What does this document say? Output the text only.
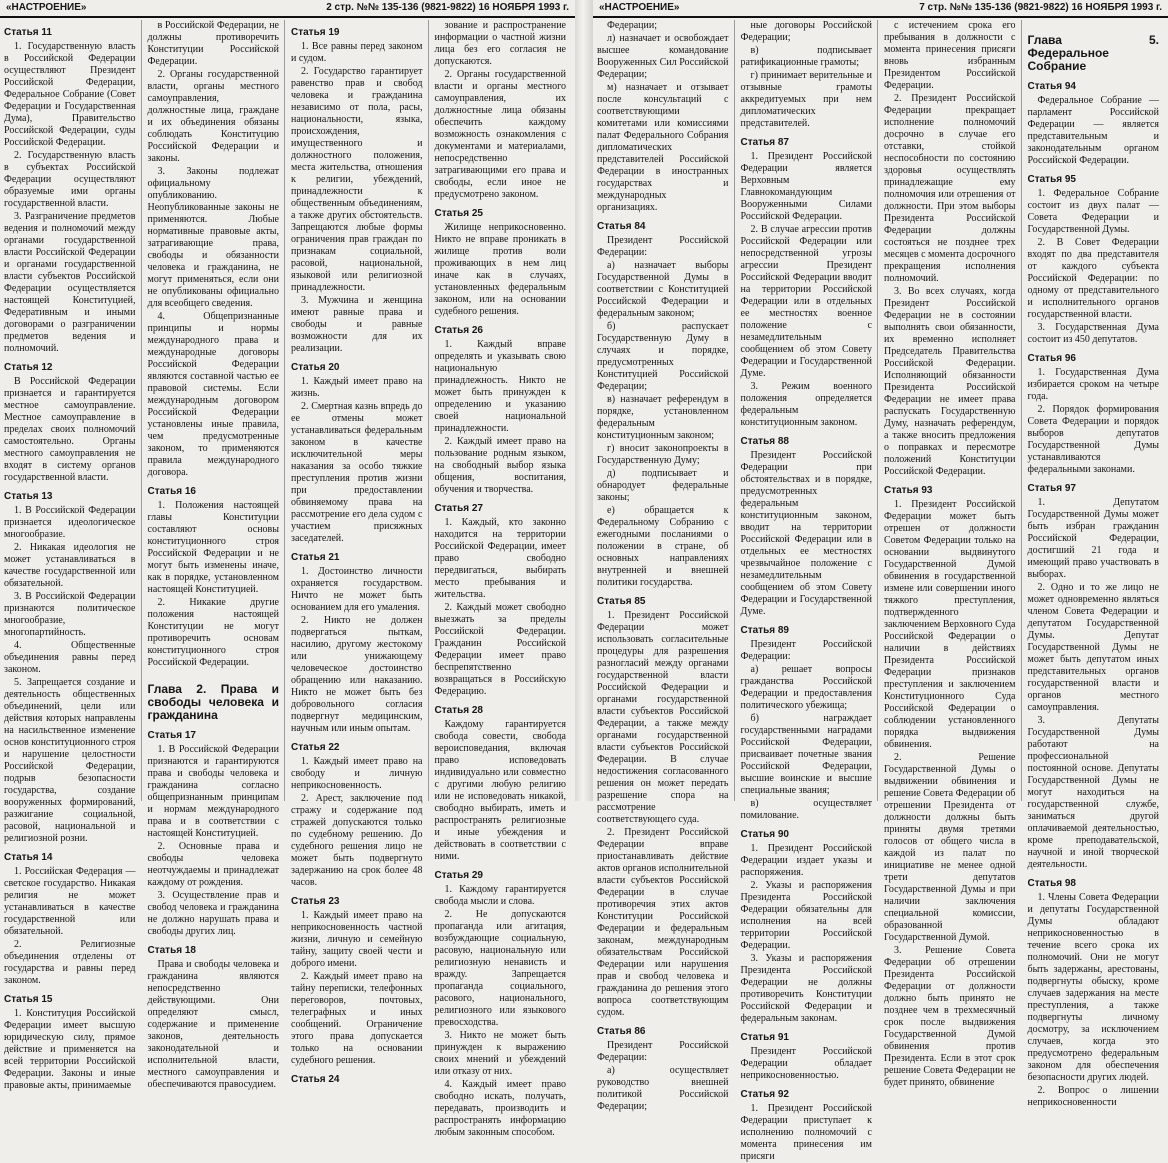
«НАСТРОЕНИЕ»	2 стр. №№ 135-136 (9821-9822) 16 НОЯБРЯ 1993 г.
Статья 11
1. Государственную власть в Российской Федерации осуществляют Президент Российской Федерации, Федеральное Собрание (Совет Федерации и Государственная Дума), Правительство Российской Федерации, суды Российской Федерации.
2. Государственную власть в субъектах Российской Федерации осуществляют образуемые ими органы государственной власти.
3. Разграничение предметов ведения и полномочий между органами государственной власти Российской Федерации и органами государственной власти субъектов Российской Федерации осуществляется настоящей Конституцией, Федеративным и иными договорами о разграничении предметов ведения и полномочий.
Статья 12
В Российской Федерации признается и гарантируется местное самоуправление. Местное самоуправление в пределах своих полномочий самостоятельно. Органы местного самоуправления не входят в систему органов государственной власти.
Статья 13
1. В Российской Федерации признается идеологическое многообразие.
2. Никакая идеология не может устанавливаться в качестве государственной или обязательной.
3. В Российской Федерации признаются политическое многообразие, многопартийность.
4. Общественные объединения равны перед законом.
5. Запрещается создание и деятельность общественных объединений, цели или действия которых направлены на насильственное изменение основ конституционного строя и нарушение целостности Российской Федерации, подрыв безопасности государства, создание вооруженных формирований, разжигание социальной, расовой, национальной и религиозной розни.
Статья 14
1. Российская Федерация — светское государство. Никакая религия не может устанавливаться в качестве государственной или обязательной.
2. Религиозные объединения отделены от государства и равны перед законом.
Статья 15
1. Конституция Российской Федерации имеет высшую юридическую силу, прямое действие и применяется на всей территории Российской Федерации. Законы и иные правовые акты, принимаемые
в Российской Федерации, не должны противоречить Конституции Российской Федерации.
2. Органы государственной власти, органы местного самоуправления, должностные лица, граждане и их объединения обязаны соблюдать Конституцию Российской Федерации и законы.
3. Законы подлежат официальному опубликованию. Неопубликованные законы не применяются. Любые нормативные правовые акты, затрагивающие права, свободы и обязанности человека и гражданина, не могут применяться, если они не опубликованы официально для всеобщего сведения.
4. Общепризнанные принципы и нормы международного права и международные договоры Российской Федерации являются составной частью ее правовой системы. Если международным договором Российской Федерации установлены иные правила, чем предусмотренные законом, то применяются правила международного договора.
Статья 16
1. Положения настоящей главы Конституции составляют основы конституционного строя Российской Федерации и не могут быть изменены иначе, как в порядке, установленном настоящей Конституцией.
2. Никакие другие положения настоящей Конституции не могут противоречить основам конституционного строя Российской Федерации.
Глава 2. Права и свободы человека и гражданина
Статья 17
1. В Российской Федерации признаются и гарантируются права и свободы человека и гражданина согласно общепризнанным принципам и нормам международного права и в соответствии с настоящей Конституцией.
2. Основные права и свободы человека неотчуждаемы и принадлежат каждому от рождения.
3. Осуществление прав и свобод человека и гражданина не должно нарушать права и свободы других лиц.
Статья 18
Права и свободы человека и гражданина являются непосредственно действующими. Они определяют смысл, содержание и применение законов, деятельность законодательной и исполнительной власти, местного самоуправления и обеспечиваются правосудием.
Статья 19
1. Все равны перед законом и судом.
2. Государство гарантирует равенство прав и свобод человека и гражданина независимо от пола, расы, национальности, языка, происхождения, имущественного и должностного положения, места жительства, отношения к религии, убеждений, принадлежности к общественным объединениям, а также других обстоятельств. Запрещаются любые формы ограничения прав граждан по признакам социальной, расовой, национальной, языковой или религиозной принадлежности.
3. Мужчина и женщина имеют равные права и свободы и равные возможности для их реализации.
Статья 20
1. Каждый имеет право на жизнь.
2. Смертная казнь впредь до ее отмены может устанавливаться федеральным законом в качестве исключительной меры наказания за особо тяжкие преступления против жизни при предоставлении обвиняемому права на рассмотрение его дела судом с участием присяжных заседателей.
Статья 21
1. Достоинство личности охраняется государством. Ничто не может быть основанием для его умаления.
2. Никто не должен подвергаться пыткам, насилию, другому жестокому или унижающему человеческое достоинство обращению или наказанию. Никто не может быть без добровольного согласия подвергнут медицинским, научным или иным опытам.
Статья 22
1. Каждый имеет право на свободу и личную неприкосновенность.
2. Арест, заключение под стражу и содержание под стражей допускаются только по судебному решению. До судебного решения лицо не может быть подвергнуто задержанию на срок более 48 часов.
Статья 23
1. Каждый имеет право на неприкосновенность частной жизни, личную и семейную тайну, защиту своей чести и доброго имени.
2. Каждый имеет право на тайну переписки, телефонных переговоров, почтовых, телеграфных и иных сообщений. Ограничение этого права допускается только на основании судебного решения.
Статья 24
зование и распространение информации о частной жизни лица без его согласия не допускаются.
2. Органы государственной власти и органы местного самоуправления, их должностные лица обязаны обеспечить каждому возможность ознакомления с документами и материалами, непосредственно затрагивающими его права и свободы, если иное не предусмотрено законом.
Статья 25
Жилище неприкосновенно. Никто не вправе проникать в жилище против воли проживающих в нем лиц иначе как в случаях, установленных федеральным законом, или на основании судебного решения.
Статья 26
1. Каждый вправе определять и указывать свою национальную принадлежность. Никто не может быть принужден к определению и указанию своей национальной принадлежности.
2. Каждый имеет право на пользование родным языком, на свободный выбор языка общения, воспитания, обучения и творчества.
Статья 27
1. Каждый, кто законно находится на территории Российской Федерации, имеет право свободно передвигаться, выбирать место пребывания и жительства.
2. Каждый может свободно выезжать за пределы Российской Федерации. Гражданин Российской Федерации имеет право беспрепятственно возвращаться в Российскую Федерацию.
Статья 28
Каждому гарантируется свобода совести, свобода вероисповедания, включая право исповедовать индивидуально или совместно с другими любую религию или не исповедовать никакой, свободно выбирать, иметь и распространять религиозные и иные убеждения и действовать в соответствии с ними.
Статья 29
1. Каждому гарантируется свобода мысли и слова.
2. Не допускаются пропаганда или агитация, возбуждающие социальную, расовую, национальную или религиозную ненависть и вражду. Запрещается пропаганда социального, расового, национального, религиозного или языкового превосходства.
3. Никто не может быть принужден к выражению своих мнений и убеждений или отказу от них.
4. Каждый имеет право свободно искать, получать, передавать, производить и распространять информацию любым законным способом.
«НАСТРОЕНИЕ»	7 стр. №№ 135-136 (9821-9822) 16 НОЯБРЯ 1993 г.
Федерации;
л) назначает и освобождает высшее командование Вооруженных Сил Российской Федерации;
м) назначает и отзывает после консультаций с соответствующими комитетами или комиссиями палат Федерального Собрания дипломатических представителей Российской Федерации в иностранных государствах и международных организациях.
Статья 84
Президент Российской Федерации:
а) назначает выборы Государственной Думы в соответствии с Конституцией Российской Федерации и федеральным законом;
б) распускает Государственную Думу в случаях и порядке, предусмотренных Конституцией Российской Федерации;
в) назначает референдум в порядке, установленном федеральным конституционным законом;
г) вносит законопроекты в Государственную Думу;
д) подписывает и обнародует федеральные законы;
е) обращается к Федеральному Собранию с ежегодными посланиями о положении в стране, об основных направлениях внутренней и внешней политики государства.
Статья 85
1. Президент Российской Федерации может использовать согласительные процедуры для разрешения разногласий между органами государственной власти Российской Федерации и органами государственной власти субъектов Российской Федерации, а также между органами государственной власти субъектов Российской Федерации. В случае недостижения согласованного решения он может передать разрешение спора на рассмотрение соответствующего суда.
2. Президент Российской Федерации вправе приостанавливать действие актов органов исполнительной власти субъектов Российской Федерации в случае противоречия этих актов Конституции Российской Федерации и федеральным законам, международным обязательствам Российской Федерации или нарушения прав и свобод человека и гражданина до решения этого вопроса соответствующим судом.
Статья 86
Президент Российской Федерации:
а) осуществляет руководство внешней политикой Российской Федерации;
ные договоры Российской Федерации;
в) подписывает ратификационные грамоты;
г) принимает верительные и отзывные грамоты аккредитуемых при нем дипломатических представителей.
Статья 87
1. Президент Российской Федерации является Верховным Главнокомандующим Вооруженными Силами Российской Федерации.
2. В случае агрессии против Российской Федерации или непосредственной угрозы агрессии Президент Российской Федерации вводит на территории Российской Федерации или в отдельных ее местностях военное положение с незамедлительным сообщением об этом Совету Федерации и Государственной Думе.
3. Режим военного положения определяется федеральным конституционным законом.
Статья 88
Президент Российской Федерации при обстоятельствах и в порядке, предусмотренных федеральным конституционным законом, вводит на территории Российской Федерации или в отдельных ее местностях чрезвычайное положение с незамедлительным сообщением об этом Совету Федерации и Государственной Думе.
Статья 89
Президент Российской Федерации:
а) решает вопросы гражданства Российской Федерации и предоставления политического убежища;
б) награждает государственными наградами Российской Федерации, присваивает почетные звания Российской Федерации, высшие воинские и высшие специальные звания;
в) осуществляет помилование.
Статья 90
1. Президент Российской Федерации издает указы и распоряжения.
2. Указы и распоряжения Президента Российской Федерации обязательны для исполнения на всей территории Российской Федерации.
3. Указы и распоряжения Президента Российской Федерации не должны противоречить Конституции Российской Федерации и федеральным законам.
Статья 91
Президент Российской Федерации обладает неприкосновенностью.
Статья 92
1. Президент Российской Федерации приступает к исполнению полномочий с момента принесения им присяги
с истечением срока его пребывания в должности с момента принесения присяги вновь избранным Президентом Российской Федерации.
2. Президент Российской Федерации прекращает исполнение полномочий досрочно в случае его отставки, стойкой неспособности по состоянию здоровья осуществлять принадлежащие ему полномочия или отрешения от должности. При этом выборы Президента Российской Федерации должны состояться не позднее трех месяцев с момента досрочного прекращения исполнения полномочий.
3. Во всех случаях, когда Президент Российской Федерации не в состоянии выполнять свои обязанности, их временно исполняет Председатель Правительства Российской Федерации. Исполняющий обязанности Президента Российской Федерации не имеет права распускать Государственную Думу, назначать референдум, а также вносить предложения о поправках и пересмотре положений Конституции Российской Федерации.
Статья 93
1. Президент Российской Федерации может быть отрешен от должности Советом Федерации только на основании выдвинутого Государственной Думой обвинения в государственной измене или совершении иного тяжкого преступления, подтвержденного заключением Верховного Суда Российской Федерации о наличии в действиях Президента Российской Федерации признаков преступления и заключением Конституционного Суда Российской Федерации о соблюдении установленного порядка выдвижения обвинения.
2. Решение Государственной Думы о выдвижении обвинения и решение Совета Федерации об отрешении Президента от должности должны быть приняты двумя третями голосов от общего числа в каждой из палат по инициативе не менее одной трети депутатов Государственной Думы и при наличии заключения специальной комиссии, образованной Государственной Думой.
3. Решение Совета Федерации об отрешении Президента Российской Федерации от должности должно быть принято не позднее чем в трехмесячный срок после выдвижения Государственной Думой обвинения против Президента. Если в этот срок решение Совета Федерации не будет принято, обвинение
Глава 5. Федеральное Собрание
Статья 94
Федеральное Собрание — парламент Российской Федерации — является представительным и законодательным органом Российской Федерации.
Статья 95
1. Федеральное Собрание состоит из двух палат — Совета Федерации и Государственной Думы.
2. В Совет Федерации входят по два представителя от каждого субъекта Российской Федерации: по одному от представительного и исполнительного органов государственной власти.
3. Государственная Дума состоит из 450 депутатов.
Статья 96
1. Государственная Дума избирается сроком на четыре года.
2. Порядок формирования Совета Федерации и порядок выборов депутатов Государственной Думы устанавливаются федеральными законами.
Статья 97
1. Депутатом Государственной Думы может быть избран гражданин Российской Федерации, достигший 21 года и имеющий право участвовать в выборах.
2. Одно и то же лицо не может одновременно являться членом Совета Федерации и депутатом Государственной Думы. Депутат Государственной Думы не может быть депутатом иных представительных органов государственной власти и органов местного самоуправления.
3. Депутаты Государственной Думы работают на профессиональной постоянной основе. Депутаты Государственной Думы не могут находиться на государственной службе, заниматься другой оплачиваемой деятельностью, кроме преподавательской, научной и иной творческой деятельности.
Статья 98
1. Члены Совета Федерации и депутаты Государственной Думы обладают неприкосновенностью в течение всего срока их полномочий. Они не могут быть задержаны, арестованы, подвергнуты обыску, кроме случаев задержания на месте преступления, а также подвергнуты личному досмотру, за исключением случаев, когда это предусмотрено федеральным законом для обеспечения безопасности других людей.
2. Вопрос о лишении неприкосновенности
